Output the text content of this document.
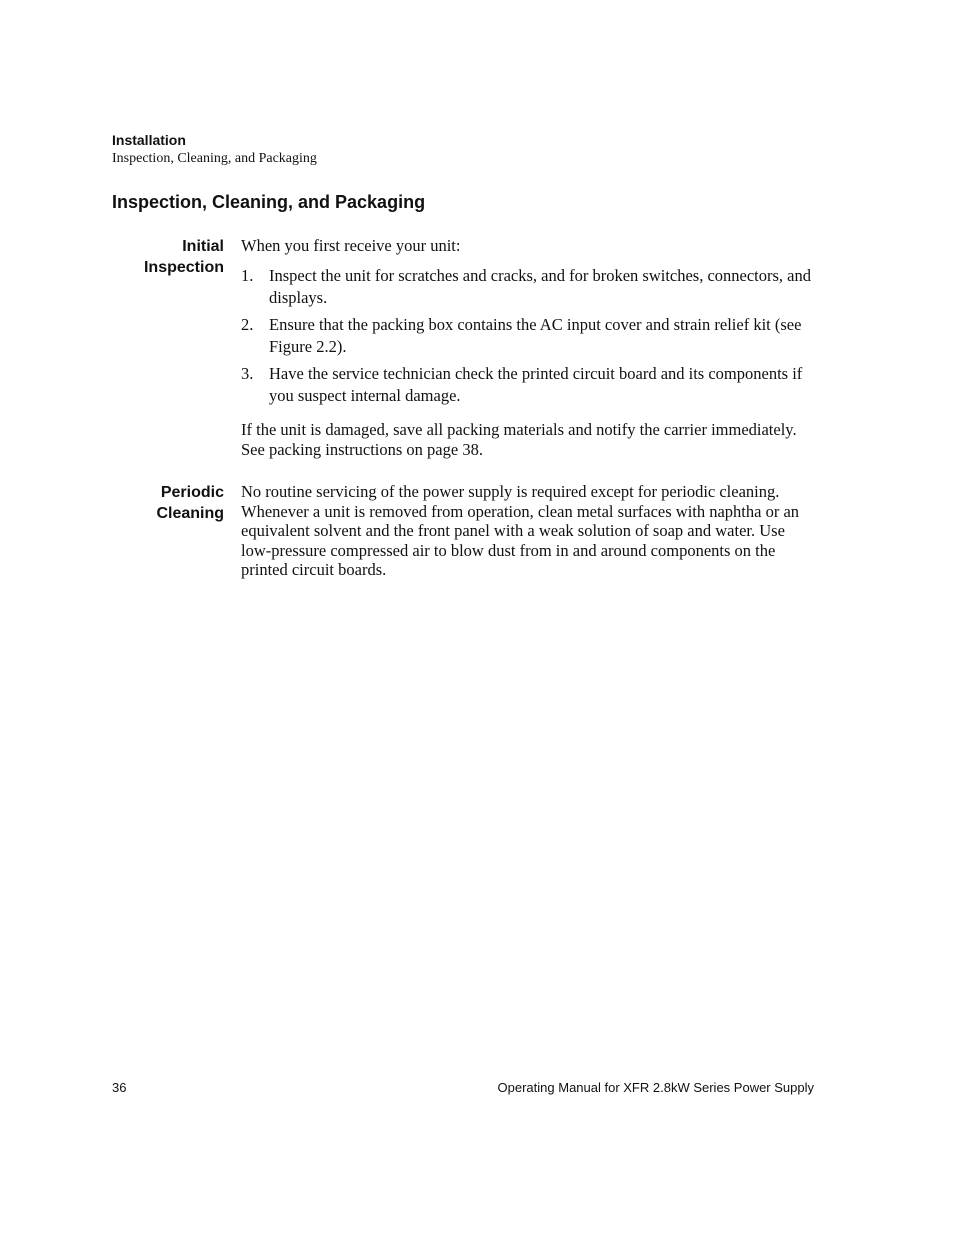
Installation
Inspection, Cleaning, and Packaging
Inspection, Cleaning, and Packaging
Initial
Inspection
When you first receive your unit:
1. Inspect the unit for scratches and cracks, and for broken switches, connectors, and displays.
2. Ensure that the packing box contains the AC input cover and strain relief kit (see Figure 2.2).
3. Have the service technician check the printed circuit board and its components if you suspect internal damage.
If the unit is damaged, save all packing materials and notify the carrier immediately. See packing instructions on page 38.
Periodic
Cleaning
No routine servicing of the power supply is required except for periodic cleaning. Whenever a unit is removed from operation, clean metal surfaces with naphtha or an equivalent solvent and the front panel with a weak solution of soap and water. Use low-pressure compressed air to blow dust from in and around components on the printed circuit boards.
36	Operating Manual for XFR 2.8kW Series Power Supply
